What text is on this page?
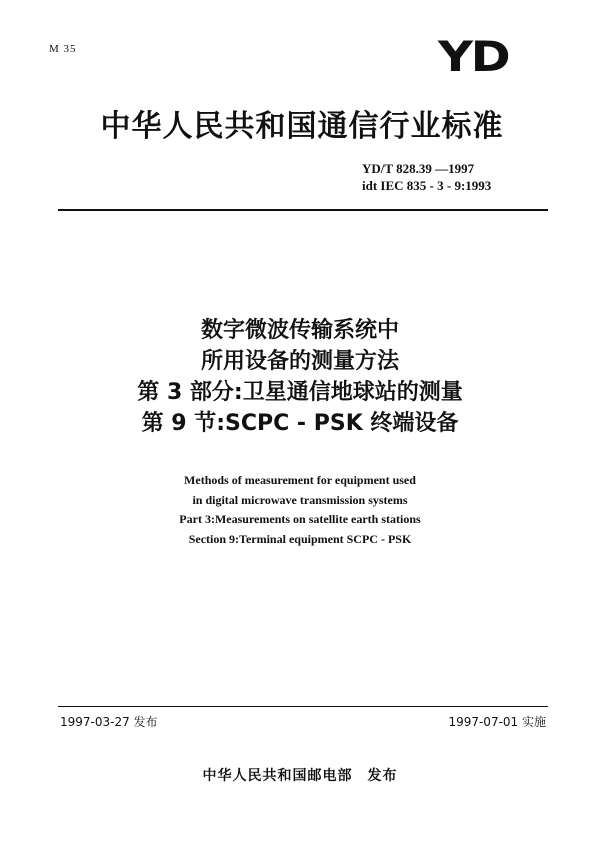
M 35	YD
中华人民共和国通信行业标准
YD/T 828.39 —1997
idt IEC 835 - 3 - 9:1993
数字微波传输系统中
所用设备的测量方法
第 3 部分:卫星通信地球站的测量
第 9 节:SCPC - PSK 终端设备
Methods of measurement for equipment used
in digital microwave transmission systems
Part 3:Measurements on satellite earth stations
Section 9:Terminal equipment SCPC - PSK
1997-03-27 发布	1997-07-01 实施
中华人民共和国邮电部　发布
